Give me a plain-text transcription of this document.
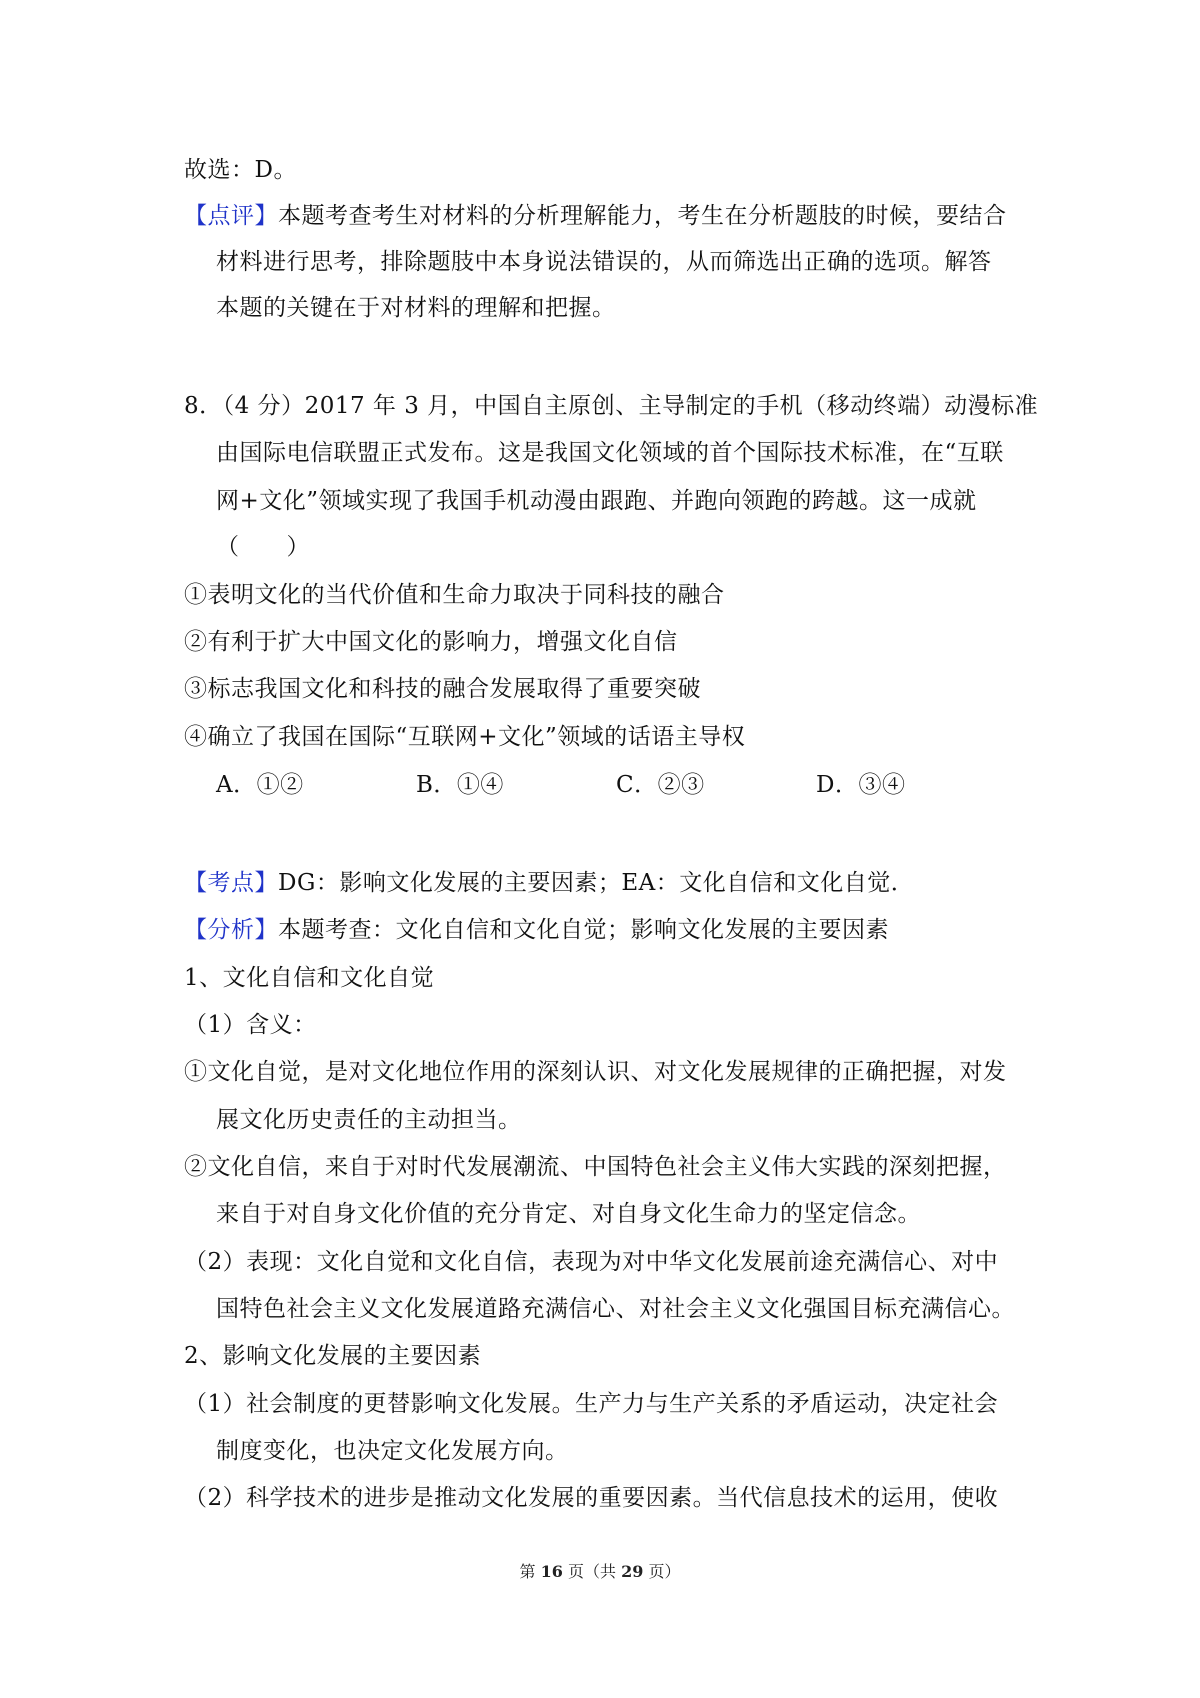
故选：D。
【点评】本题考查考生对材料的分析理解能力，考生在分析题肢的时候，要结合
材料进行思考，排除题肢中本身说法错误的，从而筛选出正确的选项。解答
本题的关键在于对材料的理解和把握。
8．（4 分）2017 年 3 月，中国自主原创、主导制定的手机（移动终端）动漫标准
由国际电信联盟正式发布。这是我国文化领域的首个国际技术标准，在“互联
网+文化”领域实现了我国手机动漫由跟跑、并跑向领跑的跨越。这一成就
（　　）
①表明文化的当代价值和生命力取决于同科技的融合
②有利于扩大中国文化的影响力，增强文化自信
③标志我国文化和科技的融合发展取得了重要突破
④确立了我国在国际“互联网+文化”领域的话语主导权
A．①②	B．①④	C．②③	D．③④
【考点】DG：影响文化发展的主要因素；EA：文化自信和文化自觉．
【分析】本题考查：文化自信和文化自觉；影响文化发展的主要因素
1、文化自信和文化自觉
（1）含义：
①文化自觉，是对文化地位作用的深刻认识、对文化发展规律的正确把握，对发
展文化历史责任的主动担当。
②文化自信，来自于对时代发展潮流、中国特色社会主义伟大实践的深刻把握，
来自于对自身文化价值的充分肯定、对自身文化生命力的坚定信念。
（2）表现：文化自觉和文化自信，表现为对中华文化发展前途充满信心、对中
国特色社会主义文化发展道路充满信心、对社会主义文化强国目标充满信心。
2、影响文化发展的主要因素
（1）社会制度的更替影响文化发展。生产力与生产关系的矛盾运动，决定社会
制度变化，也决定文化发展方向。
（2）科学技术的进步是推动文化发展的重要因素。当代信息技术的运用，使收
第 16 页（共 29 页）
